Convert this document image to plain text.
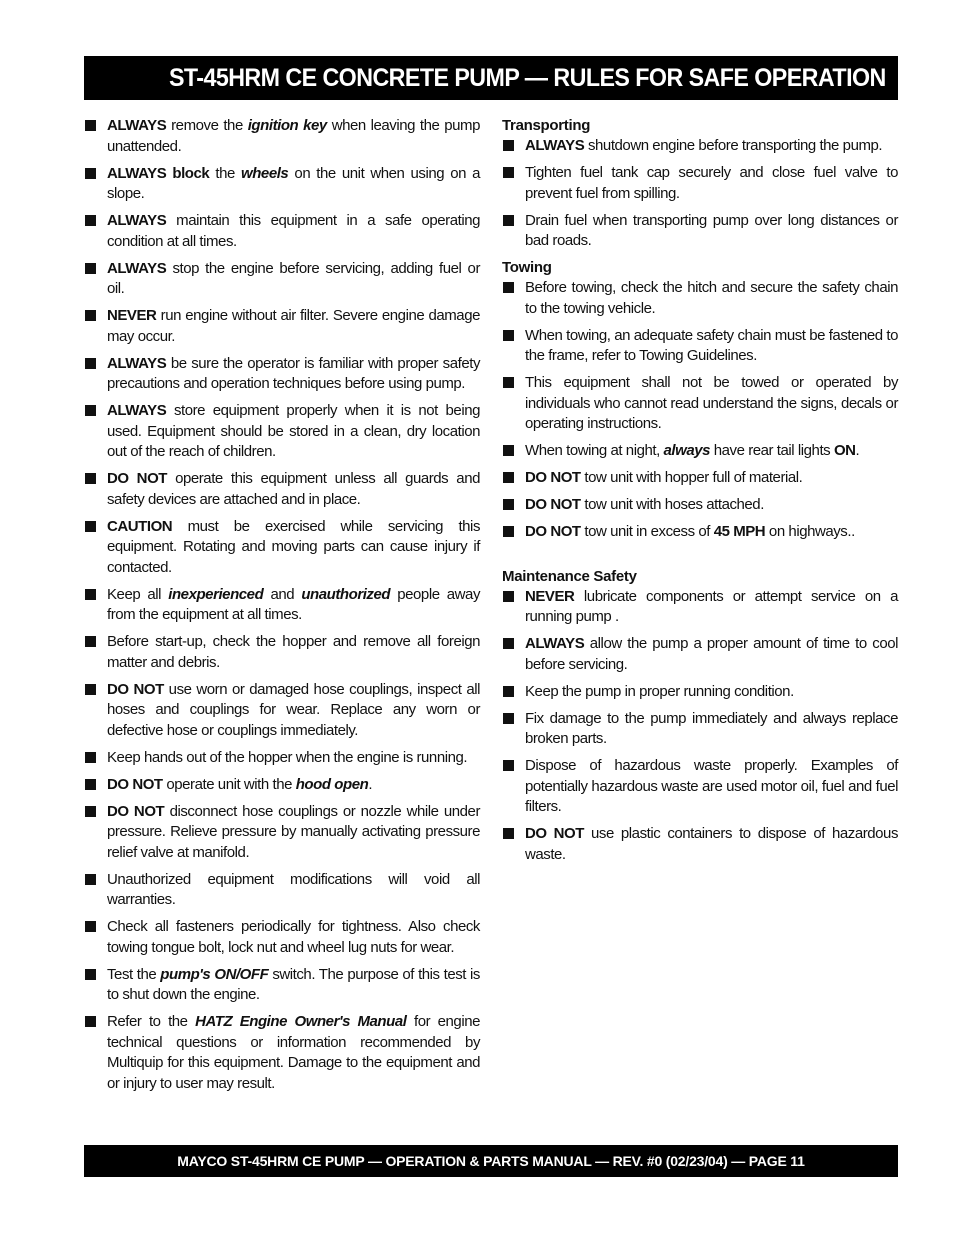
ST-45HRM CE CONCRETE PUMP — RULES FOR SAFE OPERATION
ALWAYS remove the ignition key when leaving the pump unattended.
ALWAYS block the wheels on the unit when using on a slope.
ALWAYS maintain this equipment in a safe operating condition at all times.
ALWAYS stop the engine before servicing, adding fuel or oil.
NEVER run engine without air filter. Severe engine damage may occur.
ALWAYS be sure the operator is familiar with proper safety precautions and operation techniques before using pump.
ALWAYS store equipment properly when it is not being used. Equipment should be stored in a clean, dry location out of the reach of children.
DO NOT operate this equipment unless all guards and safety devices are attached and in place.
CAUTION must be exercised while servicing this equipment. Rotating and moving parts can cause injury if contacted.
Keep all inexperienced and unauthorized people away from the equipment at all times.
Before start-up, check the hopper and remove all foreign matter and debris.
DO NOT use worn or damaged hose couplings, inspect all hoses and couplings for wear. Replace any worn or defective hose or couplings immediately.
Keep hands out of the hopper when the engine is running.
DO NOT operate unit with the hood open.
DO NOT disconnect hose couplings or nozzle while under pressure. Relieve pressure by manually activating pressure relief valve at manifold.
Unauthorized equipment modifications will void all warranties.
Check all fasteners periodically for tightness. Also check towing tongue bolt, lock nut and wheel lug nuts for wear.
Test the pump's ON/OFF switch. The purpose of this test is to shut down the engine.
Refer to the HATZ Engine Owner's Manual for engine technical questions or information recommended by Multiquip for this equipment. Damage to the equipment and or injury to user may result.
Transporting
ALWAYS shutdown engine before transporting the pump.
Tighten fuel tank cap securely and close fuel valve to prevent fuel from spilling.
Drain fuel when transporting pump over long distances or bad roads.
Towing
Before towing, check the hitch and secure the safety chain to the towing vehicle.
When towing, an adequate safety chain must be fastened to the frame, refer to Towing Guidelines.
This equipment shall not be towed or operated by individuals who cannot read understand the signs, decals or operating instructions.
When towing at night, always have rear tail lights ON.
DO NOT tow unit with hopper full of material.
DO NOT tow unit with hoses attached.
DO NOT tow unit in excess of 45 MPH on highways..
Maintenance Safety
NEVER lubricate components or attempt service on a running pump .
ALWAYS allow the pump a proper amount of time to cool before servicing.
Keep the pump in proper running condition.
Fix damage to the pump immediately and always replace broken parts.
Dispose of hazardous waste properly. Examples of potentially hazardous waste are used motor oil, fuel and fuel filters.
DO NOT use plastic containers to dispose of hazardous waste.
MAYCO ST-45HRM CE PUMP — OPERATION & PARTS MANUAL — REV. #0 (02/23/04) — PAGE 11
